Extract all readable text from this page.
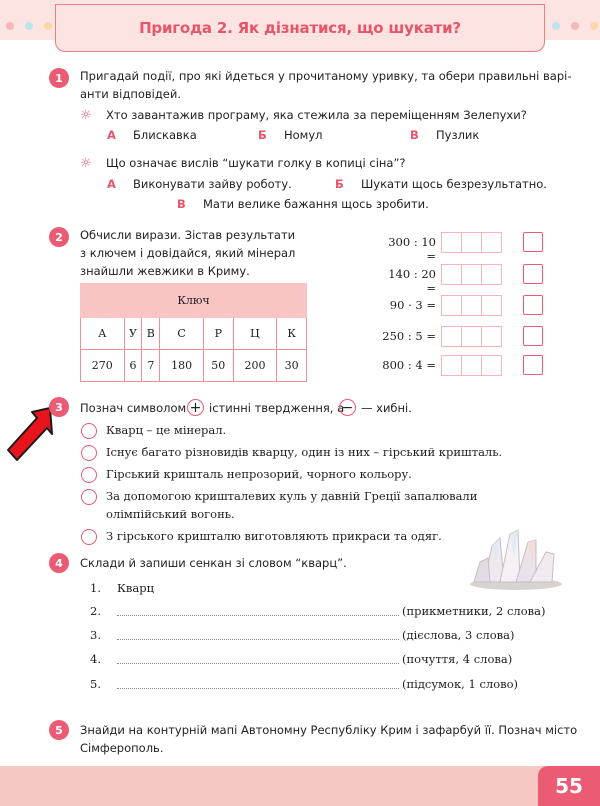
Пригода 2. Як дізнатися, що шукати?
1	Пригадай події, про які йдеться у прочитаному уривку, та обери правильні варі-
анти відповідей.
☼ Хто завантажив програму, яка стежила за переміщенням Зелепухи?
А Блискавка	Б Номул	В Пузлик
☼ Що означає вислів “шукати голку в копиці сіна”?
А Виконувати зайву роботу.	Б Шукати щось безрезультатно.
В Мати велике бажання щось зробити.
2	Обчисли вирази. Зістав результати
з ключем і довідайся, який мінерал
знайшли жевжики в Криму.
Ключ						
А	У	В	С	Р	Ц	К
270	6	7	180	50	200	30
300 : 10 =
140 : 20 =
90 · 3 =
250 : 5 =
800 : 4 =
3	Познач символом + істинні твердження, а
− — хибні.
Кварц – це мінерал.
Існує багато різновидів кварцу, один із них – гірський кришталь.
Гірський кришталь непрозорий, чорного кольору.
За допомогою кришталевих куль у давній Греції запалювали
олімпійський вогонь.
З гірського кришталю виготовляють прикраси та одяг.
4	Склади й запиши сенкан зі словом “кварц”.
1. Кварц
2.	(прикметники, 2 слова)
3.	(дієслова, 3 слова)
4.	(почуття, 4 слова)
5.	(підсумок, 1 слово)
5	Знайди на контурній мапі Автономну Республіку Крим і зафарбуй її. Познач місто
Сімферополь.
55
